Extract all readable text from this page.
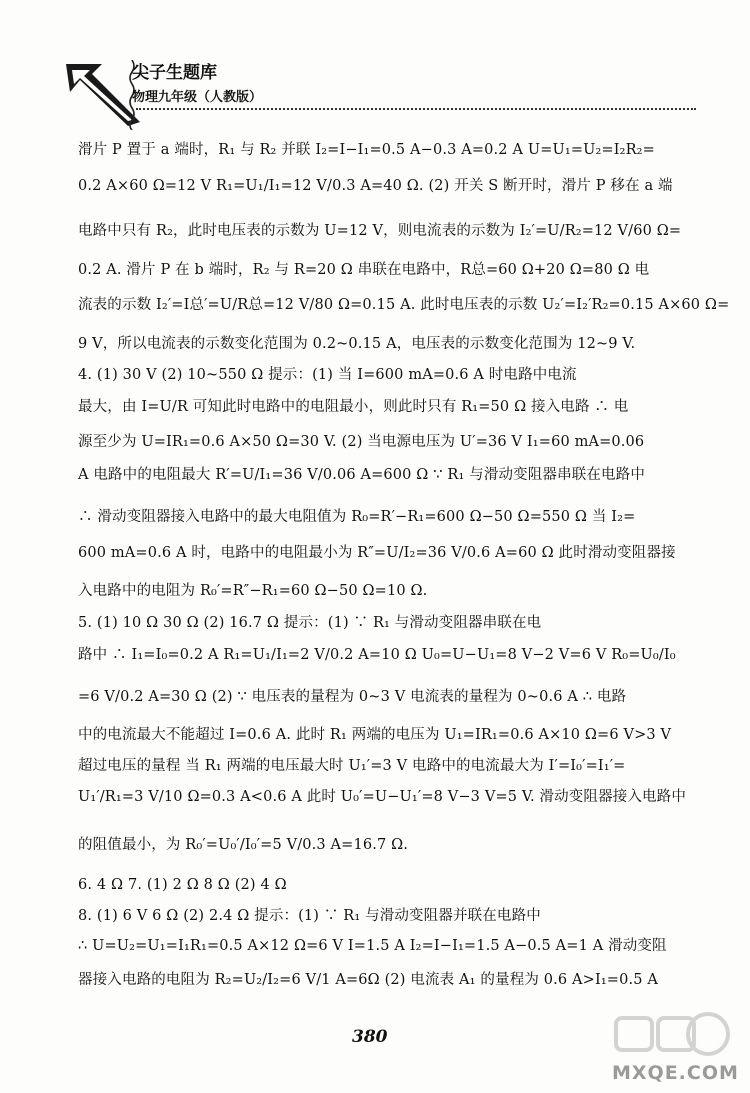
尖子生题库
物理九年级（人教版）
滑片 P 置于 a 端时，R₁ 与 R₂ 并联 I₂=I−I₁=0.5 A−0.3 A=0.2 A U=U₁=U₂=I₂R₂=
0.2 A×60 Ω=12 V R₁=U₁/I₁=12 V/0.3 A=40 Ω. (2) 开关 S 断开时，滑片 P 移在 a 端
电路中只有 R₂，此时电压表的示数为 U=12 V，则电流表的示数为 I₂′=U/R₂=12 V/60 Ω=
0.2 A. 滑片 P 在 b 端时，R₂ 与 R=20 Ω 串联在电路中，R总=60 Ω+20 Ω=80 Ω 电
流表的示数 I₂′=I总′=U/R总=12 V/80 Ω=0.15 A. 此时电压表的示数 U₂′=I₂′R₂=0.15 A×60 Ω=
9 V，所以电流表的示数变化范围为 0.2~0.15 A，电压表的示数变化范围为 12~9 V.
4. (1) 30 V (2) 10~550 Ω 提示：(1) 当 I=600 mA=0.6 A 时电路中电流
最大，由 I=U/R 可知此时电路中的电阻最小，则此时只有 R₁=50 Ω 接入电路 ∴ 电
源至少为 U=IR₁=0.6 A×50 Ω=30 V. (2) 当电源电压为 U′=36 V I₁=60 mA=0.06
A 电路中的电阻最大 R′=U/I₁=36 V/0.06 A=600 Ω ∵ R₁ 与滑动变阻器串联在电路中
∴ 滑动变阻器接入电路中的最大电阻值为 R₀=R′−R₁=600 Ω−50 Ω=550 Ω 当 I₂=
600 mA=0.6 A 时，电路中的电阻最小为 R″=U/I₂=36 V/0.6 A=60 Ω 此时滑动变阻器接
入电路中的电阻为 R₀′=R″−R₁=60 Ω−50 Ω=10 Ω.
5. (1) 10 Ω 30 Ω (2) 16.7 Ω 提示：(1) ∵ R₁ 与滑动变阻器串联在电
路中 ∴ I₁=I₀=0.2 A R₁=U₁/I₁=2 V/0.2 A=10 Ω U₀=U−U₁=8 V−2 V=6 V R₀=U₀/I₀
=6 V/0.2 A=30 Ω (2) ∵ 电压表的量程为 0~3 V 电流表的量程为 0~0.6 A ∴ 电路
中的电流最大不能超过 I=0.6 A. 此时 R₁ 两端的电压为 U₁=IR₁=0.6 A×10 Ω=6 V>3 V
超过电压的量程 当 R₁ 两端的电压最大时 U₁′=3 V 电路中的电流最大为 I′=I₀′=I₁′=
U₁′/R₁=3 V/10 Ω=0.3 A<0.6 A 此时 U₀′=U−U₁′=8 V−3 V=5 V. 滑动变阻器接入电路中
的阻值最小，为 R₀′=U₀′/I₀′=5 V/0.3 A=16.7 Ω.
6. 4 Ω 7. (1) 2 Ω 8 Ω (2) 4 Ω
8. (1) 6 V 6 Ω (2) 2.4 Ω 提示：(1) ∵ R₁ 与滑动变阻器并联在电路中
∴ U=U₂=U₁=I₁R₁=0.5 A×12 Ω=6 V I=1.5 A I₂=I−I₁=1.5 A−0.5 A=1 A 滑动变阻
器接入电路的电阻为 R₂=U₂/I₂=6 V/1 A=6Ω (2) 电流表 A₁ 的量程为 0.6 A>I₁=0.5 A
380
MXQE.COM
